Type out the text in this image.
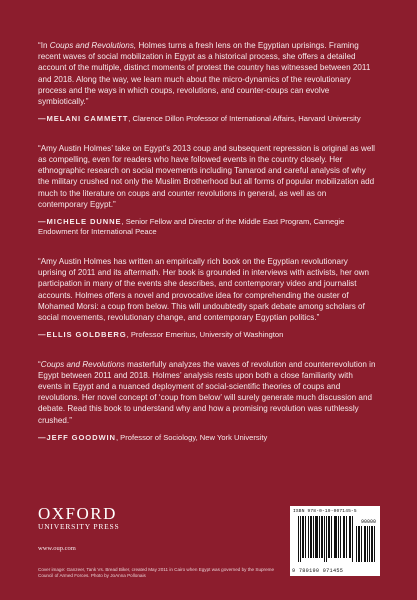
“In Coups and Revolutions, Holmes turns a fresh lens on the Egyptian uprisings. Framing recent waves of social mobilization in Egypt as a historical process, she offers a detailed account of the multiple, distinct moments of protest the country has witnessed between 2011 and 2018. Along the way, we learn much about the micro-dynamics of the revolutionary process and the ways in which coups, revolutions, and counter-coups can evolve symbiotically.”

—MELANI CAMMETT, Clarence Dillon Professor of International Affairs, Harvard University

“Amy Austin Holmes’ take on Egypt’s 2013 coup and subsequent repression is original as well as compelling, even for readers who have followed events in the country closely. Her ethnographic research on social movements including Tamarod and careful analysis of why the military crushed not only the Muslim Brotherhood but all forms of popular mobilization add much to the literature on coups and counter revolutions in general, as well as on contemporary Egypt.”

—MICHELE DUNNE, Senior Fellow and Director of the Middle East Program, Carnegie Endowment for International Peace

“Amy Austin Holmes has written an empirically rich book on the Egyptian revolutionary uprising of 2011 and its aftermath. Her book is grounded in interviews with activists, her own participation in many of the events she describes, and contemporary video and journalist accounts. Holmes offers a novel and provocative idea for comprehending the ouster of Mohamed Morsi: a coup from below. This will undoubtedly spark debate among scholars of social movements, revolutionary change, and contemporary Egyptian politics.”

—ELLIS GOLDBERG, Professor Emeritus, University of Washington

“Coups and Revolutions masterfully analyzes the waves of revolution and counterrevolution in Egypt between 2011 and 2018. Holmes’ analysis rests upon both a close familiarity with events in Egypt and a nuanced deployment of social-scientific theories of coups and revolutions. Her novel concept of ‘coup from below’ will surely generate much discussion and debate. Read this book to understand why and how a promising revolution was ruthlessly crushed.”

—JEFF GOODWIN, Professor of Sociology, New York University

OXFORD
UNIVERSITY PRESS
www.oup.com
Cover image: Ganzeer, Tank Vs. Bread Biker, created May 2011 in Cairo when Egypt was governed by the Supreme Council of Armed Forces. Photo by JoAnna Pollonais
ISBN 978-0-19-007145-5
90000
9 780190 071455
